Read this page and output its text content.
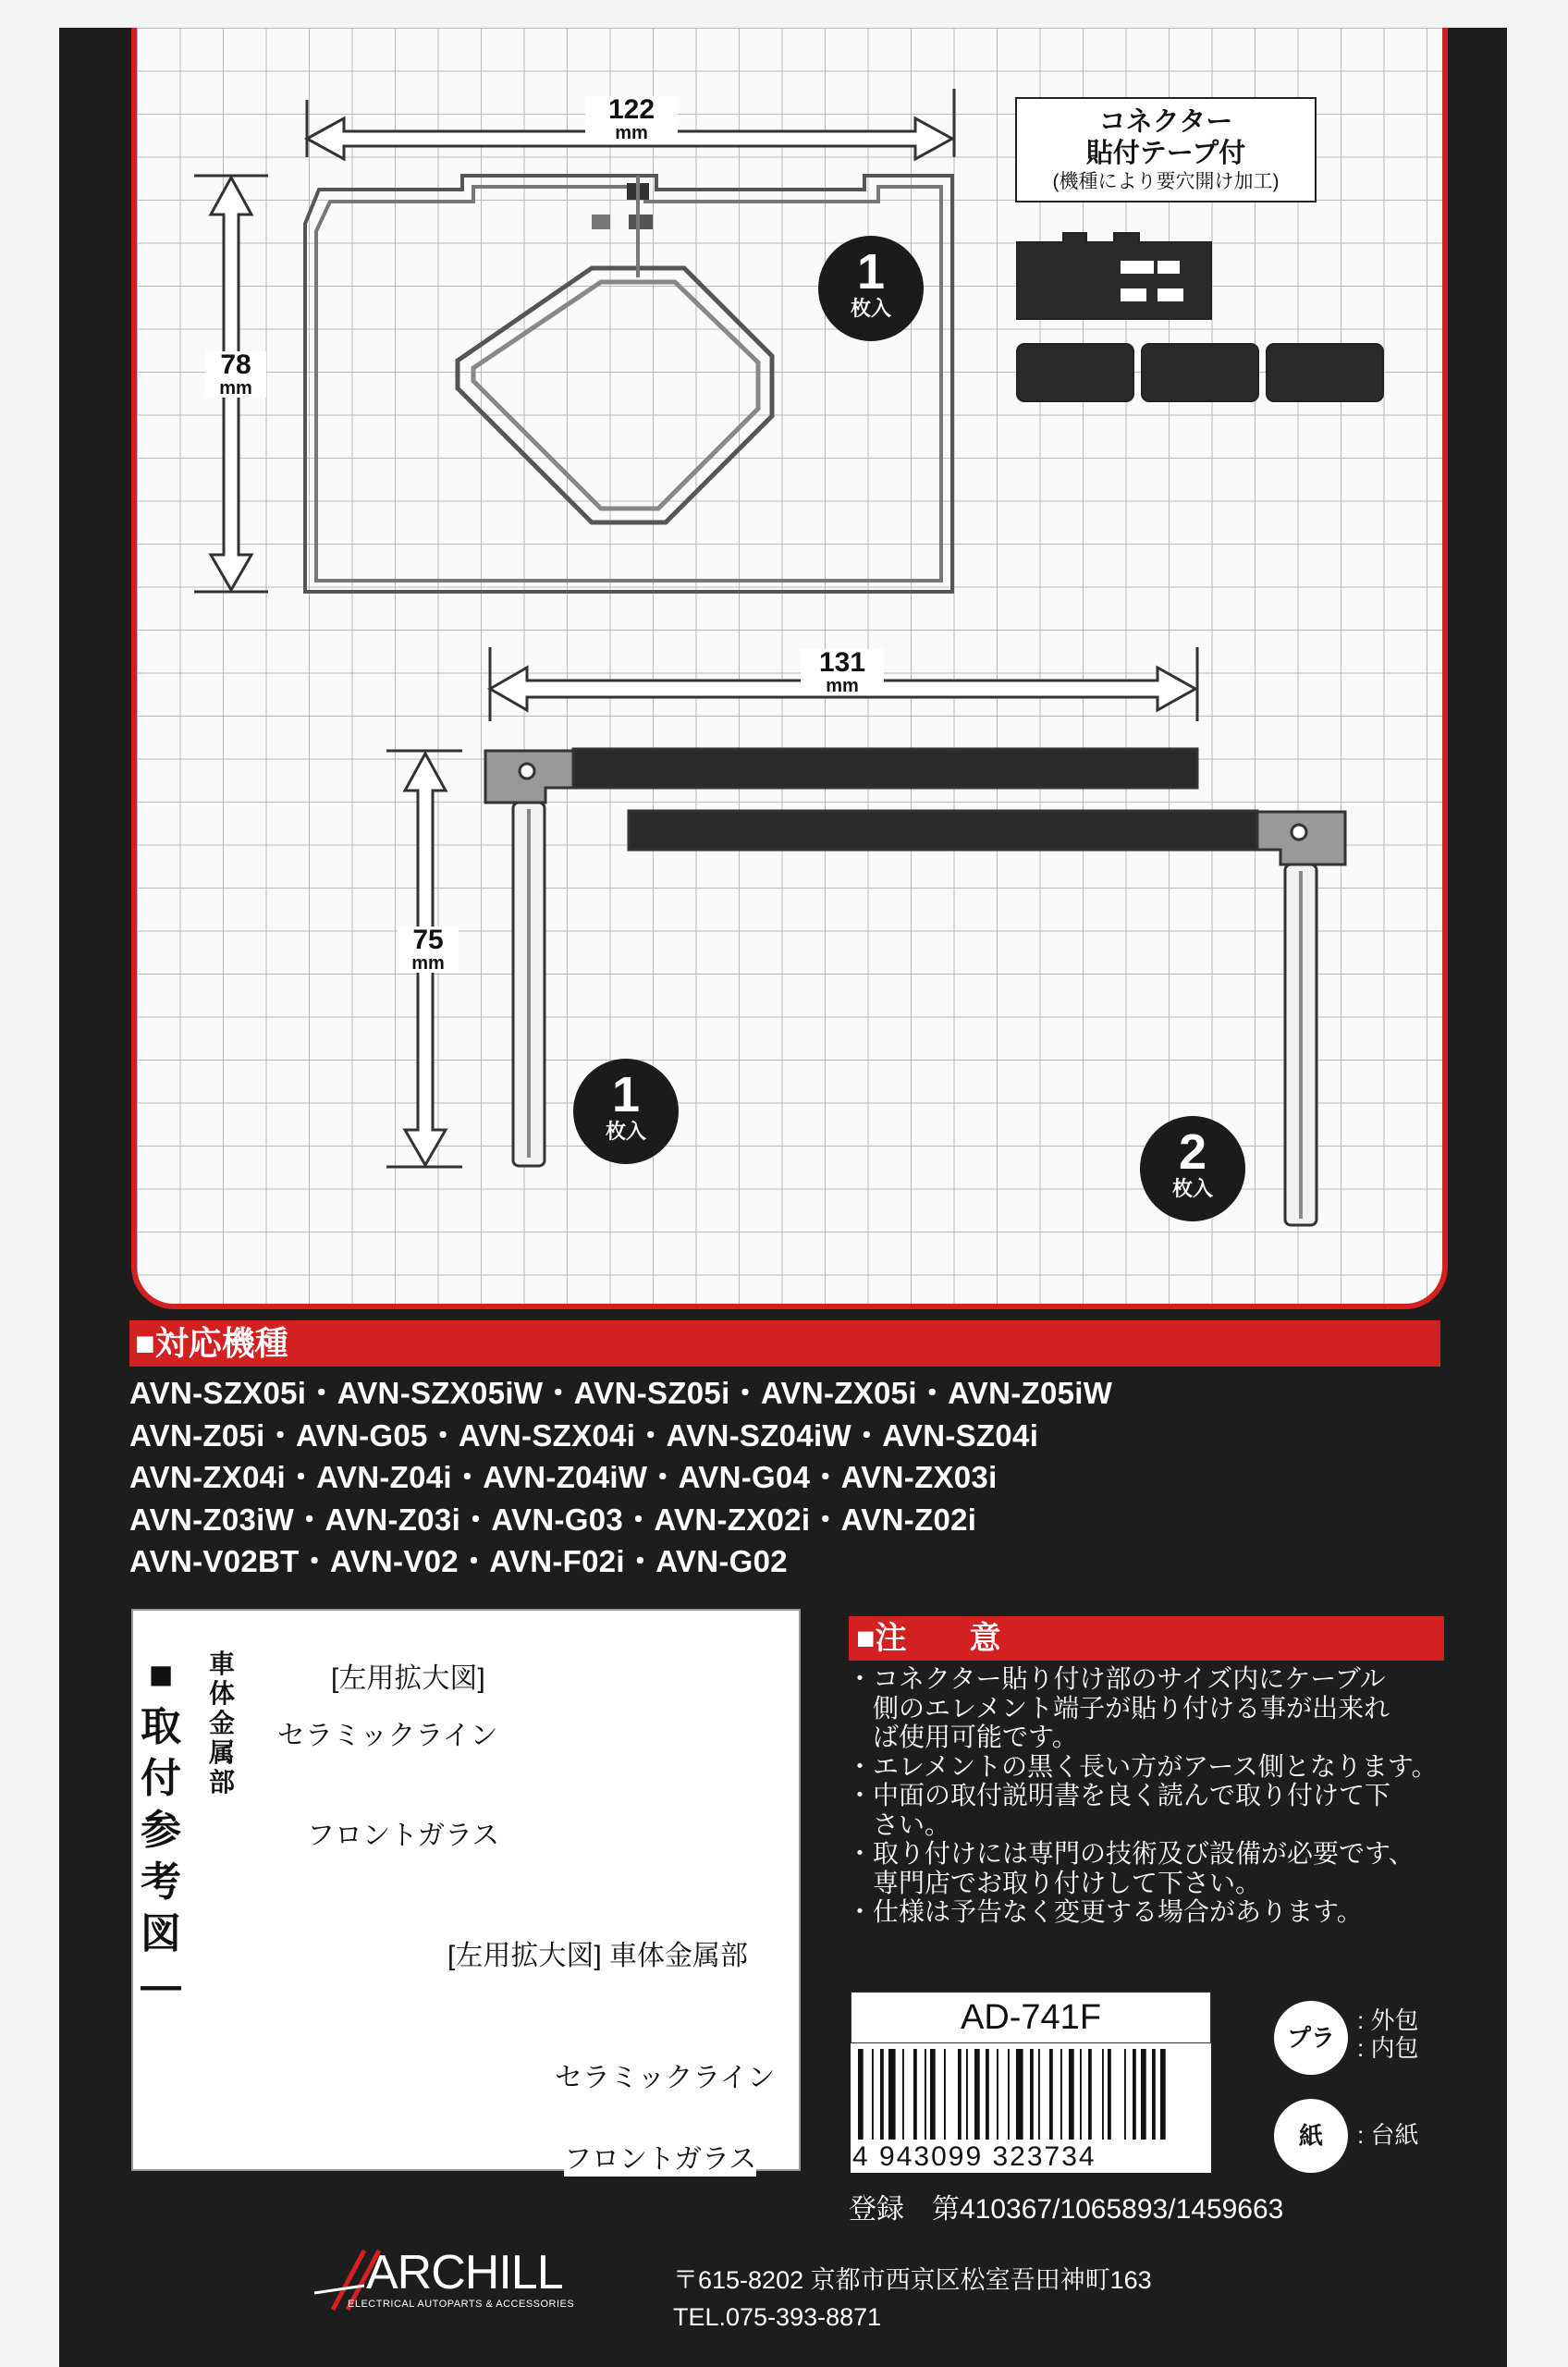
122
mm
78
mm
131
mm
75
mm
1
枚入
1
枚入	2
枚入
コネクター
貼付テープ付
(機種により要穴開け加工)
■対応機種
AVN-SZX05i・AVN-SZX05iW・AVN-SZ05i・AVN-ZX05i・AVN-Z05iW
AVN-Z05i・AVN-G05・AVN-SZX04i・AVN-SZ04iW・AVN-SZ04i
AVN-ZX04i・AVN-Z04i・AVN-Z04iW・AVN-G04・AVN-ZX03i
AVN-Z03iW・AVN-Z03i・AVN-G03・AVN-ZX02i・AVN-Z02i
AVN-V02BT・AVN-V02・AVN-F02i・AVN-G02
■
取
付
参
考
図
—
車体金属部
[左用拡大図]
セラミックライン
フロントガラス
[左用拡大図] 車体金属部
セラミックライン
フロントガラス
■注　　意
・コネクター貼り付け部のサイズ内にケーブル
　側のエレメント端子が貼り付ける事が出来れ
　ば使用可能です。
・エレメントの黒く長い方がアース側となります。
・中面の取付説明書を良く読んで取り付けて下
　さい。
・取り付けには専門の技術及び設備が必要です、
　専門店でお取り付けして下さい。
・仕様は予告なく変更する場合があります。
AD-741F
4 943099 323734
プラ
: 外包
: 内包
紙	: 台紙
登録　第410367/1065893/1459663
ARCHILL
ELECTRICAL AUTOPARTS & ACCESSORIES
〒615-8202 京都市西京区松室吾田神町163
TEL.075-393-8871
